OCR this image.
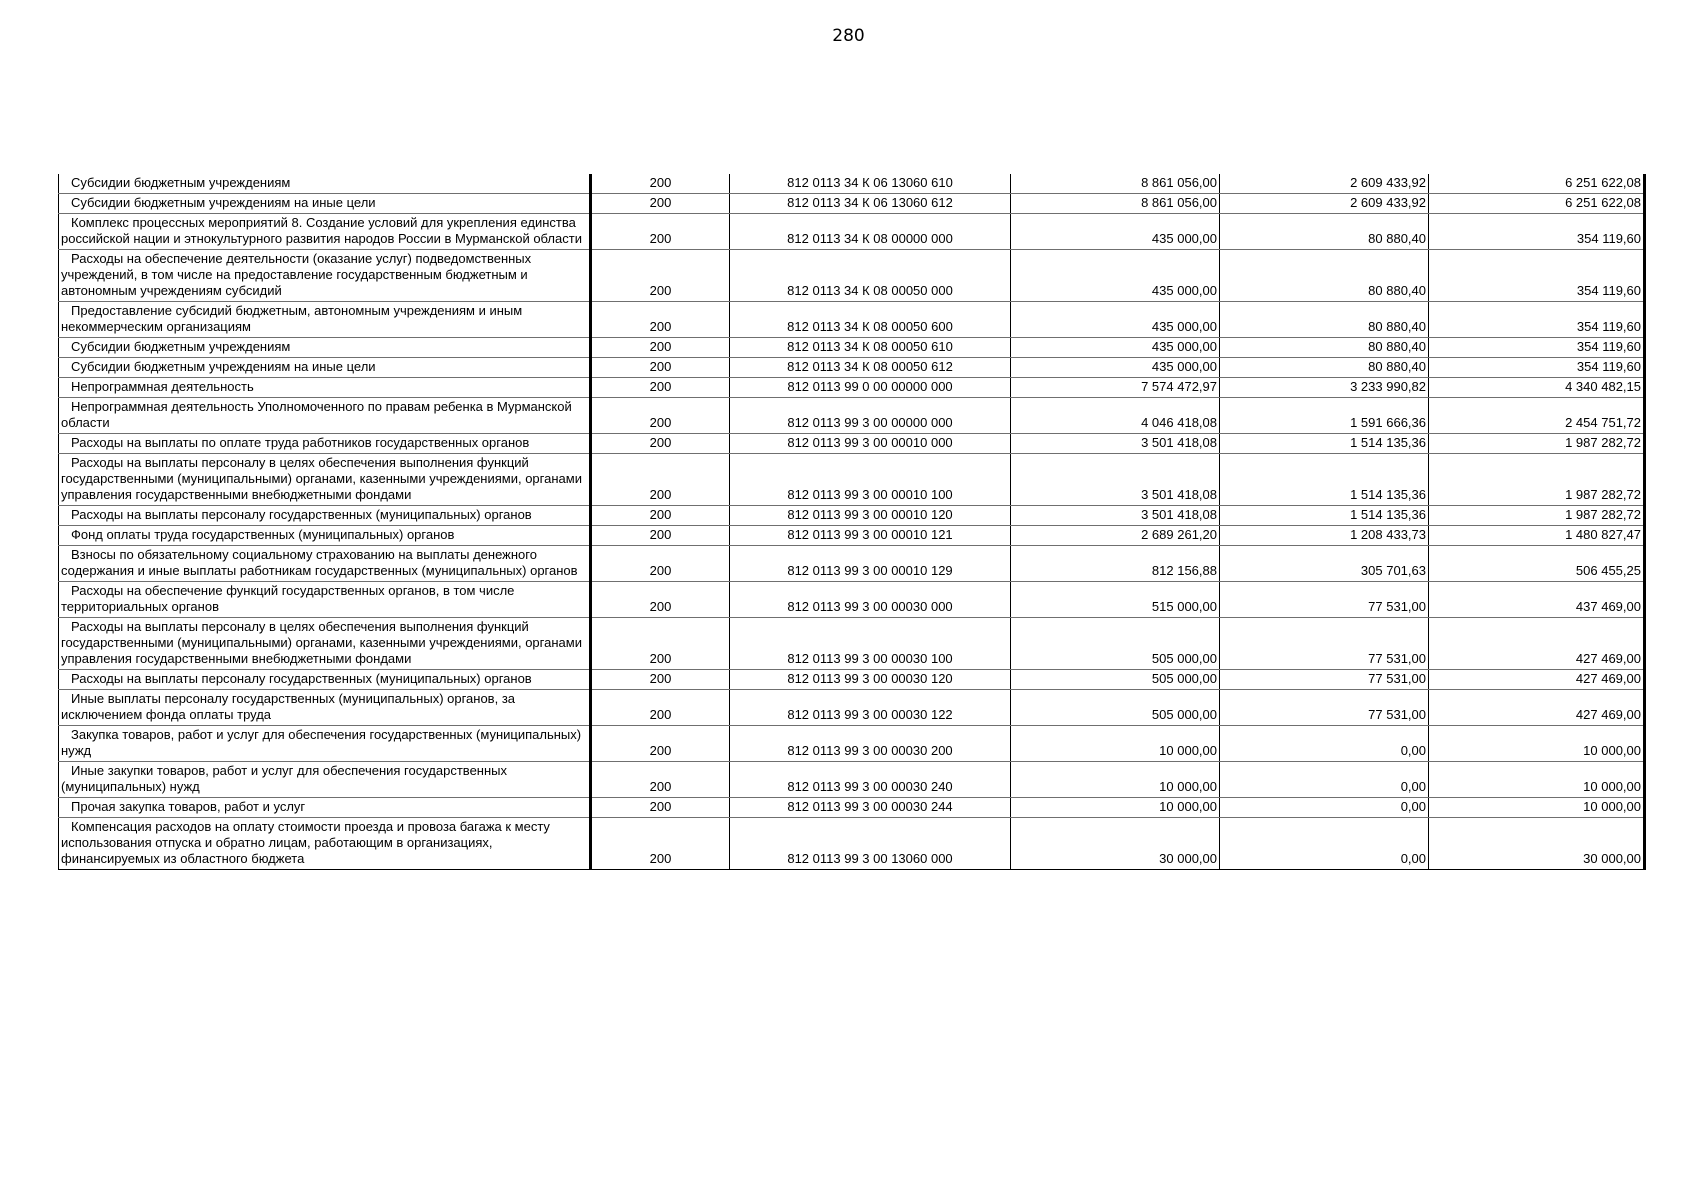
280
Субсидии бюджетным учреждениям	200	812 0113 34 К 06 13060 610	8 861 056,00	2 609 433,92	6 251 622,08
Субсидии бюджетным учреждениям на иные цели	200	812 0113 34 К 06 13060 612	8 861 056,00	2 609 433,92	6 251 622,08
Комплекс процессных мероприятий 8. Создание условий для укрепления единства российской нации и этнокультурного развития народов России в Мурманской области	200	812 0113 34 К 08 00000 000	435 000,00	80 880,40	354 119,60
Расходы на обеспечение деятельности (оказание услуг) подведомственных учреждений, в том числе на предоставление государственным бюджетным и автономным учреждениям субсидий	200	812 0113 34 К 08 00050 000	435 000,00	80 880,40	354 119,60
Предоставление субсидий бюджетным, автономным учреждениям и иным некоммерческим организациям	200	812 0113 34 К 08 00050 600	435 000,00	80 880,40	354 119,60
Субсидии бюджетным учреждениям	200	812 0113 34 К 08 00050 610	435 000,00	80 880,40	354 119,60
Субсидии бюджетным учреждениям на иные цели	200	812 0113 34 К 08 00050 612	435 000,00	80 880,40	354 119,60
Непрограммная деятельность	200	812 0113 99 0 00 00000 000	7 574 472,97	3 233 990,82	4 340 482,15
Непрограммная деятельность Уполномоченного по правам ребенка в Мурманской области	200	812 0113 99 3 00 00000 000	4 046 418,08	1 591 666,36	2 454 751,72
Расходы на выплаты по оплате труда работников государственных органов	200	812 0113 99 3 00 00010 000	3 501 418,08	1 514 135,36	1 987 282,72
Расходы на выплаты персоналу в целях обеспечения выполнения функций государственными (муниципальными) органами, казенными учреждениями, органами управления государственными внебюджетными фондами	200	812 0113 99 3 00 00010 100	3 501 418,08	1 514 135,36	1 987 282,72
Расходы на выплаты персоналу государственных (муниципальных) органов	200	812 0113 99 3 00 00010 120	3 501 418,08	1 514 135,36	1 987 282,72
Фонд оплаты труда государственных (муниципальных) органов	200	812 0113 99 3 00 00010 121	2 689 261,20	1 208 433,73	1 480 827,47
Взносы по обязательному социальному страхованию на выплаты денежного содержания и иные выплаты работникам государственных (муниципальных) органов	200	812 0113 99 3 00 00010 129	812 156,88	305 701,63	506 455,25
Расходы на обеспечение функций государственных органов, в том числе территориальных органов	200	812 0113 99 3 00 00030 000	515 000,00	77 531,00	437 469,00
Расходы на выплаты персоналу в целях обеспечения выполнения функций государственными (муниципальными) органами, казенными учреждениями, органами управления государственными внебюджетными фондами	200	812 0113 99 3 00 00030 100	505 000,00	77 531,00	427 469,00
Расходы на выплаты персоналу государственных (муниципальных) органов	200	812 0113 99 3 00 00030 120	505 000,00	77 531,00	427 469,00
Иные выплаты персоналу государственных (муниципальных) органов, за исключением фонда оплаты труда	200	812 0113 99 3 00 00030 122	505 000,00	77 531,00	427 469,00
Закупка товаров, работ и услуг для обеспечения государственных (муниципальных) нужд	200	812 0113 99 3 00 00030 200	10 000,00	0,00	10 000,00
Иные закупки товаров, работ и услуг для обеспечения государственных (муниципальных) нужд	200	812 0113 99 3 00 00030 240	10 000,00	0,00	10 000,00
Прочая закупка товаров, работ и услуг	200	812 0113 99 3 00 00030 244	10 000,00	0,00	10 000,00
Компенсация расходов на оплату стоимости проезда и провоза багажа к месту использования отпуска и обратно лицам, работающим в организациях, финансируемых из областного бюджета	200	812 0113 99 3 00 13060 000	30 000,00	0,00	30 000,00
